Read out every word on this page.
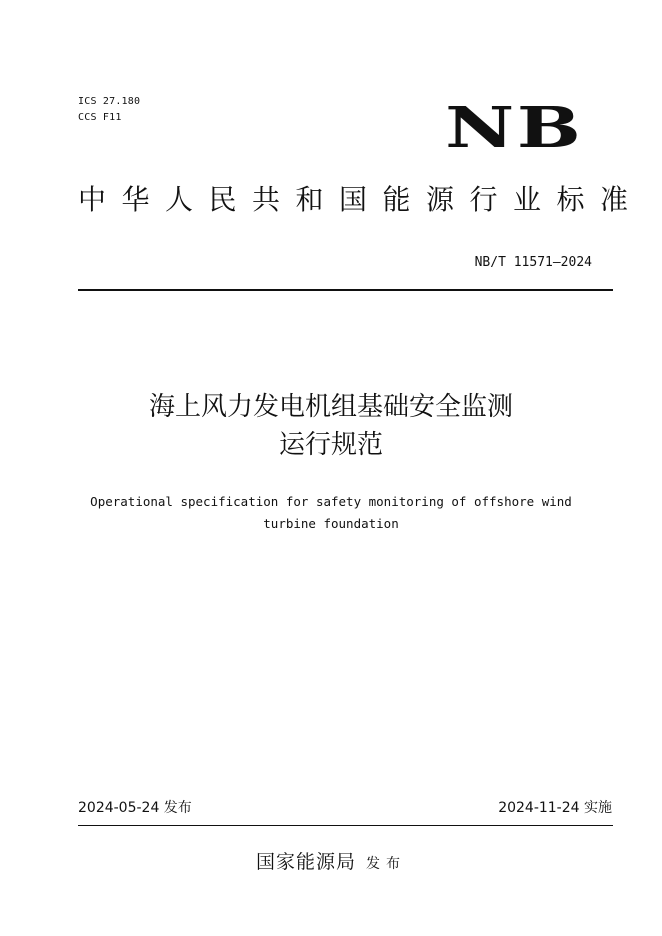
ICS 27.180
CCS F11	NB
中华人民共和国能源行业标准
NB/T 11571—2024
海上风力发电机组基础安全监测
运行规范
Operational specification for safety monitoring of offshore wind
turbine foundation
2024-05-24 发布	2024-11-24 实施
国家能源局 发布
